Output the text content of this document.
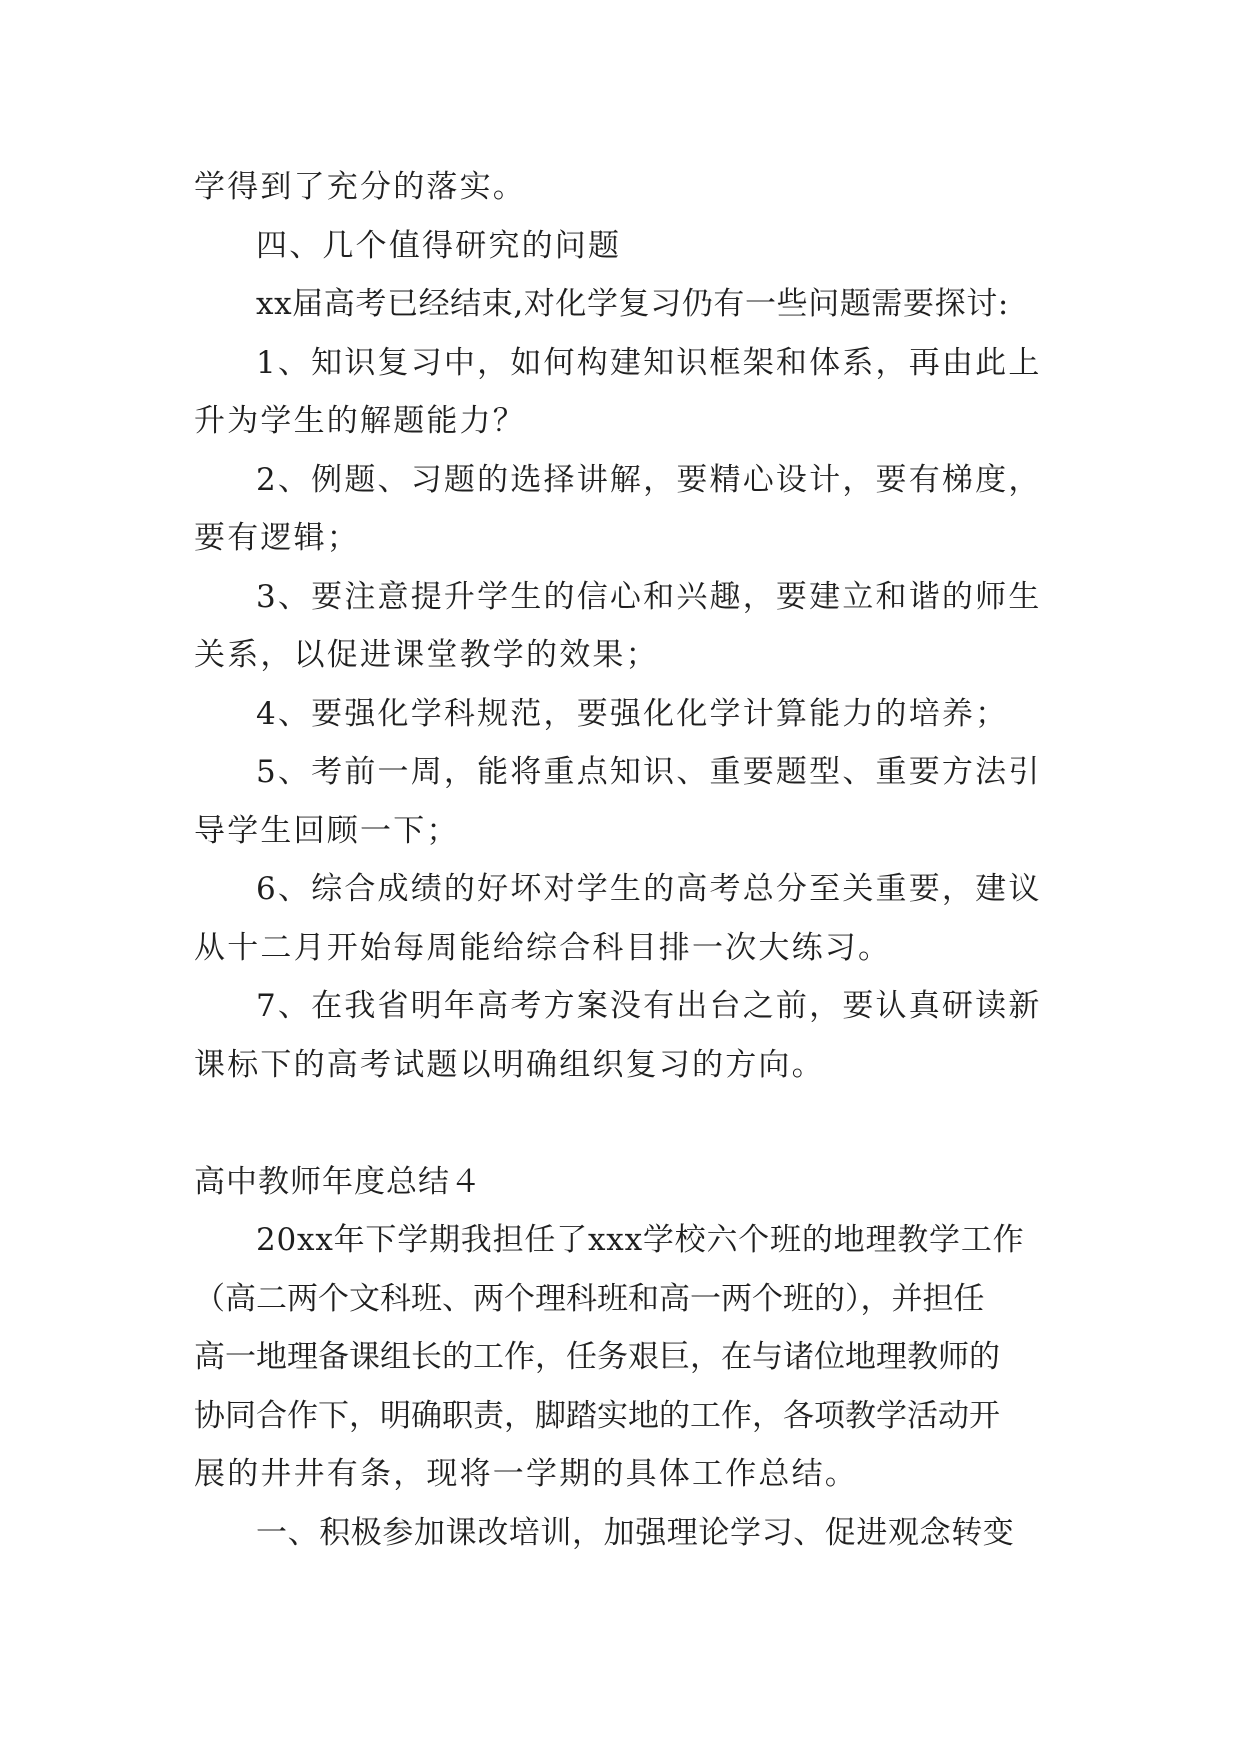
学得到了充分的落实。
四、几个值得研究的问题
xx届高考已经结束,对化学复习仍有一些问题需要探讨:
1、知识复习中，如何构建知识框架和体系，再由此上
升为学生的解题能力？
2、例题、习题的选择讲解，要精心设计，要有梯度，
要有逻辑；
3、要注意提升学生的信心和兴趣，要建立和谐的师生
关系，以促进课堂教学的效果；
4、要强化学科规范，要强化化学计算能力的培养；
5、考前一周，能将重点知识、重要题型、重要方法引
导学生回顾一下；
6、综合成绩的好坏对学生的高考总分至关重要，建议
从十二月开始每周能给综合科目排一次大练习。
7、在我省明年高考方案没有出台之前，要认真研读新
课标下的高考试题以明确组织复习的方向。
高中教师年度总结４
20xx年下学期我担任了xxx学校六个班的地理教学工作
（高二两个文科班、两个理科班和高一两个班的），并担任
高一地理备课组长的工作，任务艰巨，在与诸位地理教师的
协同合作下，明确职责，脚踏实地的工作，各项教学活动开
展的井井有条，现将一学期的具体工作总结。
一、积极参加课改培训，加强理论学习、促进观念转变
